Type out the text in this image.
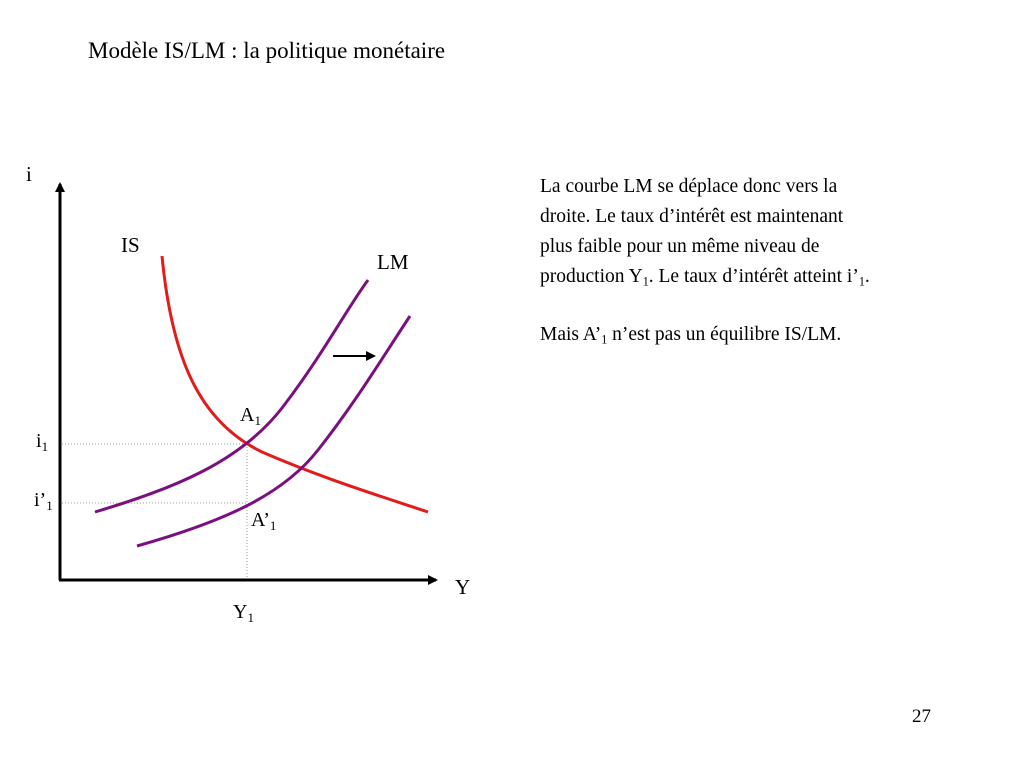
Modèle IS/LM : la politique monétaire
i
Y
IS
LM
$A_1$
$A’_1$
$i_1$
$i’_1$
$Y_1$

La courbe LM se déplace donc vers la
droite. Le taux d’intérêt est maintenant
plus faible pour un même niveau de
production $Y_1$. Le taux d’intérêt atteint $i’_1$.

Mais $A’_1$ n’est pas un équilibre IS/LM.

27
